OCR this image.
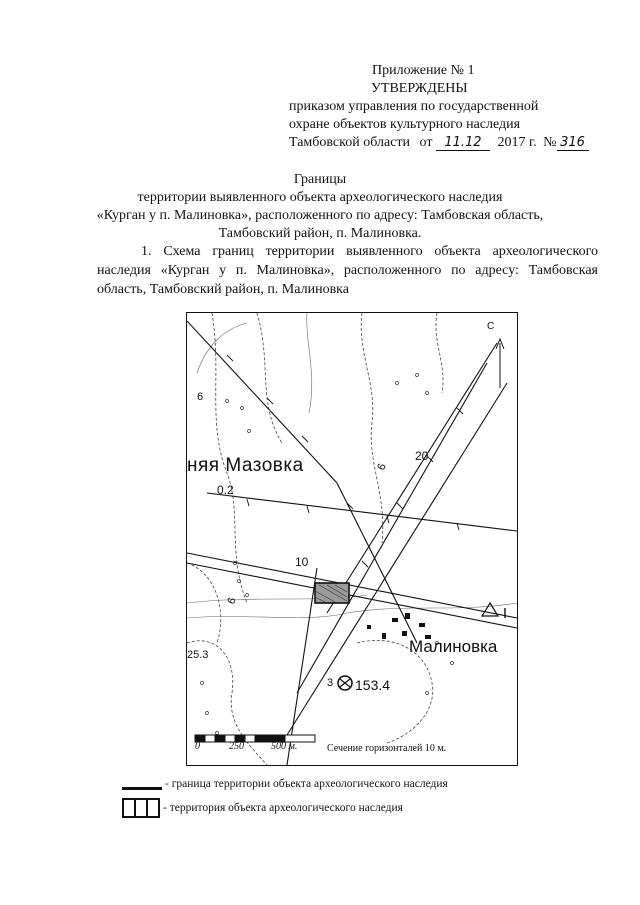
Приложение № 1
УТВЕРЖДЕНЫ
приказом управления по государственной
охране объектов культурного наследия
Тамбовской области от 11.12 2017 г. № 316
Границы
территории выявленного объекта археологического наследия
«Курган у п. Малиновка», расположенного по адресу: Тамбовская область,
Тамбовский район, п. Малиновка.
1. Схема границ территории выявленного объекта археологического наследия «Курган у п. Малиновка», расположенного по адресу: Тамбовская область, Тамбовский район, п. Малиновка
С
няя Мазовка
Малиновка
0.2
10
20
6
6
6
25.3
3 153.4
0	250	500 м.	Сечение горизонталей 10 м.
- граница территории объекта археологического наследия
- территория объекта археологического наследия
